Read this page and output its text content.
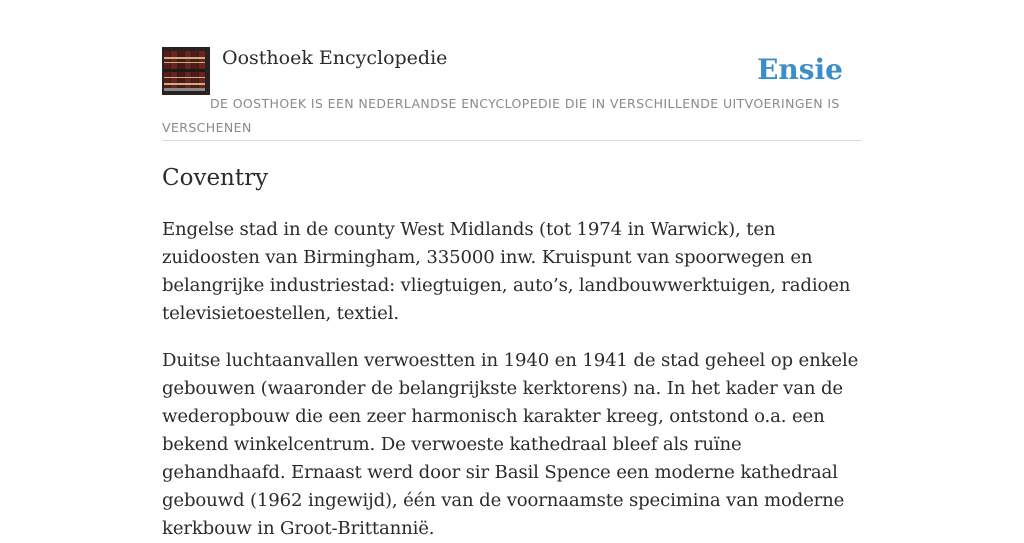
Oosthoek Encyclopedie	Ensie
DE OOSTHOEK IS EEN NEDERLANDSE ENCYCLOPEDIE DIE IN VERSCHILLENDE UITVOERINGEN IS VERSCHENEN
Coventry

Engelse stad in de county West Midlands (tot 1974 in Warwick), ten zuidoosten van Birmingham, 335000 inw. Kruispunt van spoorwegen en belangrijke industriestad: vliegtuigen, auto’s, landbouwwerktuigen, radioen televisietoestellen, textiel.

Duitse luchtaanvallen verwoestten in 1940 en 1941 de stad geheel op enkele gebouwen (waaronder de belangrijkste kerktorens) na. In het kader van de wederopbouw die een zeer harmonisch karakter kreeg, ontstond o.a. een bekend winkelcentrum. De verwoeste kathedraal bleef als ruïne gehandhaafd. Ernaast werd door sir Basil Spence een moderne kathedraal gebouwd (1962 ingewijd), één van de voornaamste specimina van moderne kerkbouw in Groot-Brittannië.
